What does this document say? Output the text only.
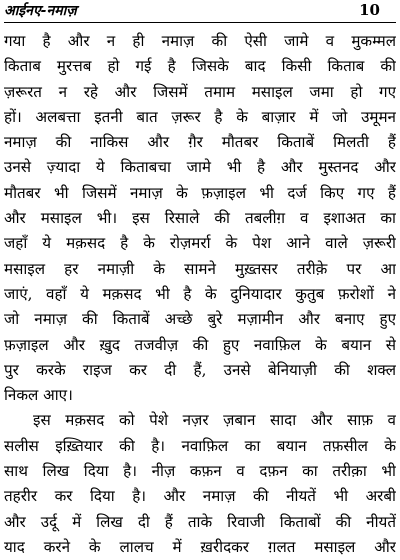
आईनए-नमाज़	10
गया है और न ही नमाज़ की ऐसी जामे व मुकम्मल
किताब मुरत्तब हो गई है जिसके बाद किसी किताब की
ज़रूरत न रहे और जिसमें तमाम मसाइल जमा हो गए
हों। अलबत्ता इतनी बात ज़रूर है के बाज़ार में जो उमूमन
नमाज़ की नाकिस और ग़ैर मौतबर किताबें मिलती हैं
उनसे ज़्यादा ये किताबचा जामे भी है और मुस्तनद और
मौतबर भी जिसमें नमाज़ के फ़ज़ाइल भी दर्ज किए गए हैं
और मसाइल भी। इस रिसाले की तबलीग़ व इशाअत का
जहाँ ये मक़सद है के रोज़मर्रा के पेश आने वाले ज़रूरी
मसाइल हर नमाज़ी के सामने मुख़्तसर तरीक़े पर आ
जाएं, वहाँ ये मक़सद भी है के दुनियादार कुतुब फ़रोशों ने
जो नमाज़ की किताबें अच्छे बुरे मज़ामीन और बनाए हुए
फ़ज़ाइल और ख़ुद तजवीज़ की हुए नवाफ़िल के बयान से
पुर करके राइज कर दी हैं, उनसे बेनियाज़ी की शक्ल
निकल आए।
इस मक़सद को पेशे नज़र ज़बान सादा और साफ़ व
सलीस इख़्तियार की है। नवाफ़िल का बयान तफ़सील के
साथ लिख दिया है। नीज़ कफ़न व दफ़न का तरीक़ा भी
तहरीर कर दिया है। और नमाज़ की नीयतें भी अरबी
और उर्दू में लिख दी हैं ताके रिवाजी किताबों की नीयतें
याद करने के लालच में ख़रीदकर ग़लत मसाइल और
